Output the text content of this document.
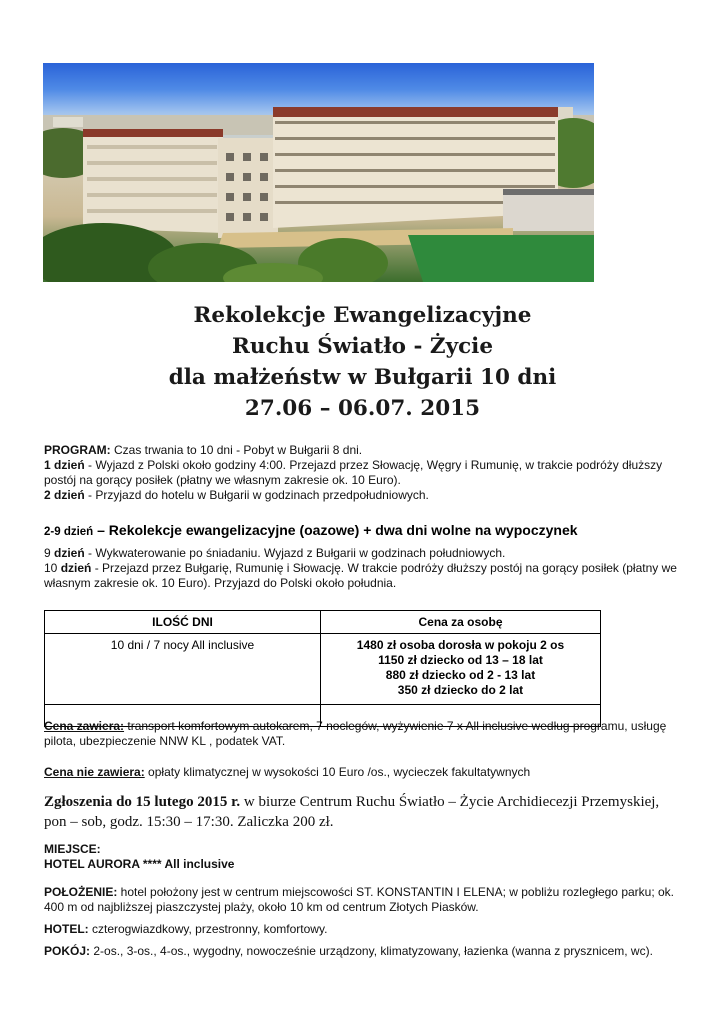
Rekolekcje Ewangelizacyjne
Ruchu Światło - Życie
dla małżeństw w Bułgarii 10 dni
27.06 – 06.07. 2015
PROGRAM: Czas trwania to 10 dni - Pobyt w Bułgarii 8 dni.
1 dzień - Wyjazd z Polski około godziny 4:00. Przejazd przez Słowację, Węgry i Rumunię, w trakcie podróży dłuższy postój na gorący posiłek (płatny we własnym zakresie ok. 10 Euro).
2 dzień - Przyjazd do hotelu w Bułgarii w godzinach przedpołudniowych.
2-9 dzień – Rekolekcje ewangelizacyjne (oazowe) + dwa dni wolne na wypoczynek
9 dzień - Wykwaterowanie po śniadaniu. Wyjazd z Bułgarii w godzinach południowych.
10 dzień - Przejazd przez Bułgarię, Rumunię i Słowację. W trakcie podróży dłuższy postój na gorący posiłek (płatny we własnym zakresie ok. 10 Euro). Przyjazd do Polski około południa.
ILOŚĆ DNI	Cena za osobę
10 dni / 7 nocy All inclusive	1480 zł osoba dorosła w pokoju 2 os
1150 zł dziecko od 13 – 18 lat
880 zł dziecko od 2 - 13 lat
350 zł dziecko do 2 lat

Cena zawiera: transport komfortowym autokarem, 7 noclegów, wyżywienie 7 x All inclusive według programu, usługę pilota, ubezpieczenie NNW KL , podatek VAT.
Cena nie zawiera: opłaty klimatycznej w wysokości 10 Euro /os., wycieczek fakultatywnych
Zgłoszenia do 15 lutego 2015 r. w biurze Centrum Ruchu Światło – Życie Archidiecezji Przemyskiej, pon – sob, godz. 15:30 – 17:30. Zaliczka 200 zł.
MIEJSCE:
HOTEL AURORA **** All inclusive
POŁOŻENIE: hotel położony jest w centrum miejscowości ST. KONSTANTIN I ELENA; w pobliżu rozległego parku; ok. 400 m od najbliższej piaszczystej plaży, około 10 km od centrum Złotych Piasków.
HOTEL: czterogwiazdkowy, przestronny, komfortowy.
POKÓJ: 2-os., 3-os., 4-os., wygodny, nowocześnie urządzony, klimatyzowany, łazienka (wanna z prysznicem, wc).
